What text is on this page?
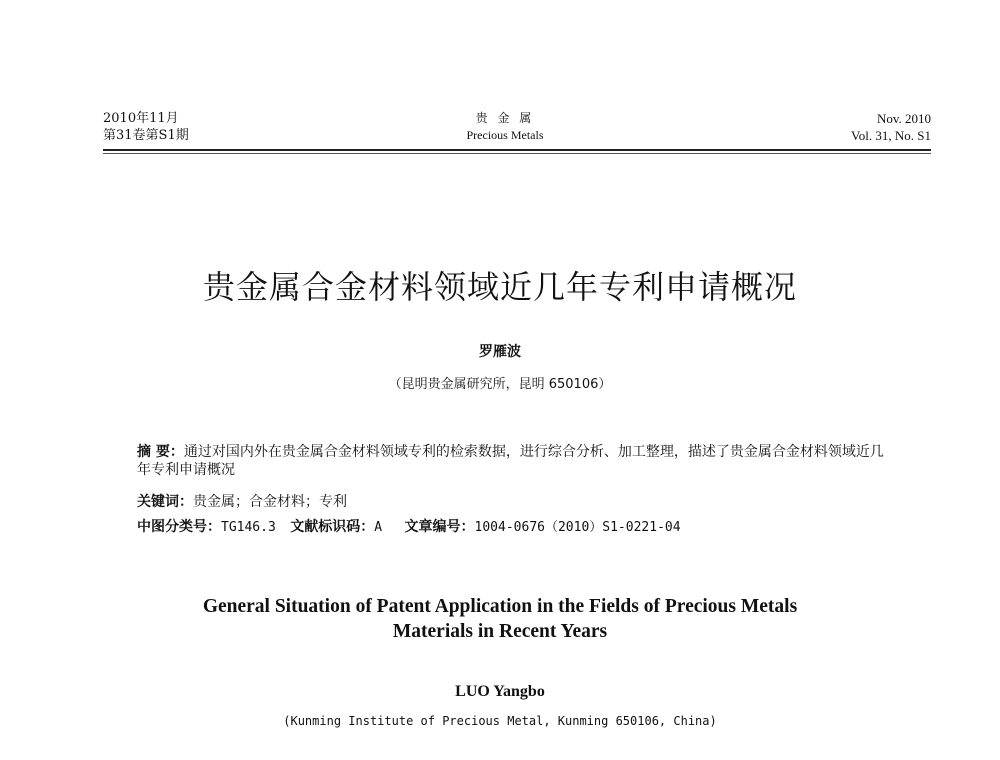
2010年11月
第31卷第S1期
贵 金 属
Precious Metals
Nov. 2010
Vol. 31, No. S1
贵金属合金材料领域近几年专利申请概况
罗雁波
（昆明贵金属研究所，昆明 650106）
摘 要：通过对国内外在贵金属合金材料领域专利的检索数据，进行综合分析、加工整理，描述了贵金属合金材料领域近几年专利申请概况
关键词：贵金属；合金材料；专利
中图分类号：TG146.3 文献标识码：A 文章编号：1004-0676（2010）S1-0221-04
General Situation of Patent Application in the Fields of Precious Metals
Materials in Recent Years
LUO Yangbo
(Kunming Institute of Precious Metal, Kunming 650106, China)
